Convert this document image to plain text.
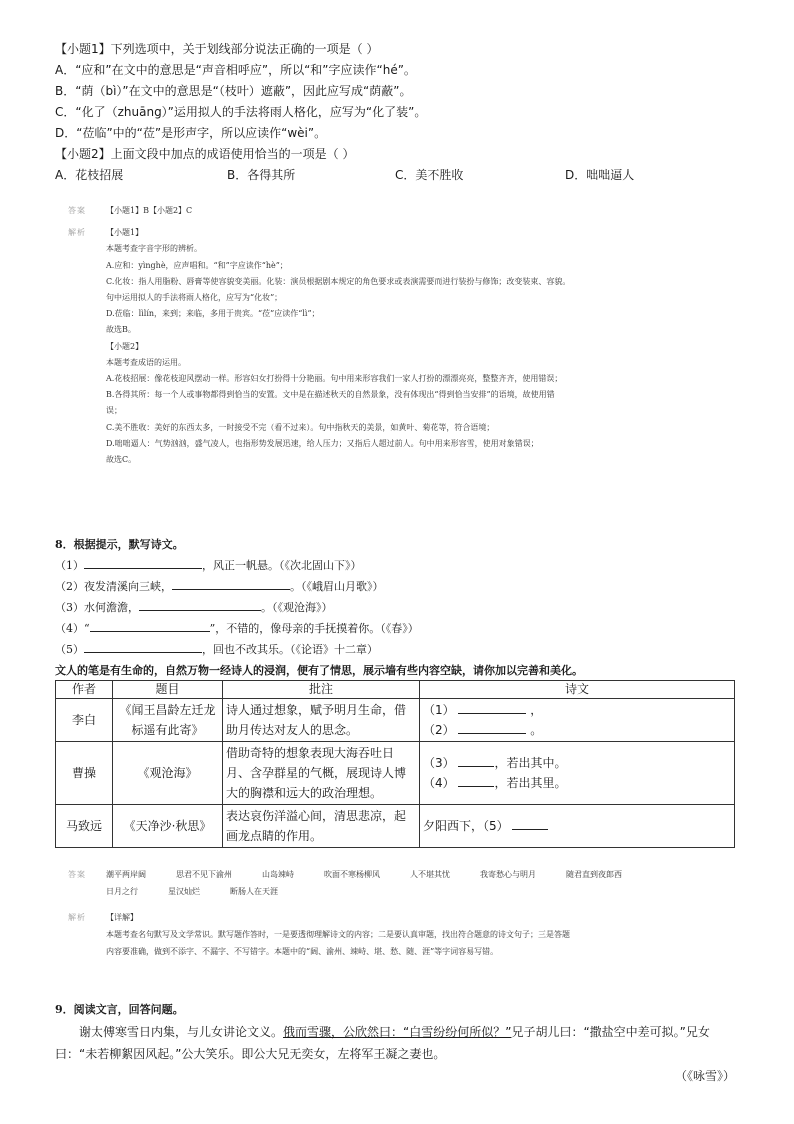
【小题1】下列选项中，关于划线部分说法正确的一项是（ ）
A．“应和”在文中的意思是“声音相呼应”，所以“和”字应读作“hé”。
B．“荫（bì）”在文中的意思是“（枝叶）遮蔽”，因此应写成“荫蔽”。
C．“化了（zhuāng）”运用拟人的手法将雨人格化，应写为“化了装”。
D．“莅临”中的“莅”是形声字，所以应读作“wèi”。
【小题2】上面文段中加点的成语使用恰当的一项是（ ）
A．花枝招展	B．各得其所	C．美不胜收	D．咄咄逼人
答案	【小题1】B【小题2】C
解析	【小题1】
本题考查字音字形的辨析。
A.应和：yìnghè，应声唱和。“和”字应读作“hè”；
C.化妆：指人用脂粉、唇膏等使容貌变美丽。化装：演员根据剧本规定的角色要求或表演需要而进行装扮与修饰；改变装束、容貌。
句中运用拟人的手法将雨人格化，应写为“化妆”；
D.莅临：lìlín，来到；来临，多用于贵宾。“莅”应读作“lì”；
故选B。
【小题2】
本题考查成语的运用。
A.花枝招展：像花枝迎风摆动一样。形容妇女打扮得十分艳丽。句中用来形容我们一家人打扮的漂漂亮亮，整整齐齐，使用错误；
B.各得其所：每一个人或事物都得到恰当的安置。文中是在描述秋天的自然景象，没有体现出“得到恰当安排”的语境，故使用错
误；
C.美不胜收：美好的东西太多，一时接受不完（看不过来）。句中指秋天的美景，如黄叶、菊花等，符合语境；
D.咄咄逼人：气势汹汹，盛气凌人，也指形势发展迅速，给人压力；又指后人超过前人。句中用来形容雪，使用对象错误；
故选C。
8．根据提示，默写诗文。
（1）	，风正一帆悬。（《次北固山下》）
（2）夜发清溪向三峡，	。（《峨眉山月歌》）
（3）水何澹澹，	。（《观沧海》）
（4）“	”，不错的，像母亲的手抚摸着你。（《春》）
（5）	，回也不改其乐。（《论语》十二章）
文人的笔是有生命的，自然万物一经诗人的浸润，便有了情思，展示墙有些内容空缺，请你加以完善和美化。
作者	题目	批注	诗文
李白	《闻王昌龄左迁龙标遥有此寄》	诗人通过想象，赋予明月生命，借助月传达对友人的思念。	（1） ，
（2） 。

曹操	《观沧海》	借助奇特的想象表现大海吞吐日月、含孕群星的气概，展现诗人博大的胸襟和远大的政治理想。	（3） ，若出其中。
（4） ，若出其里。

马致远	《天净沙·秋思》	表达哀伤洋溢心间，清思悲凉，起画龙点睛的作用。	夕阳西下，（5）
答案	潮平两岸阔	思君不见下渝州	山岛竦峙	吹面不寒杨柳风	人不堪其忧	我寄愁心与明月	随君直到夜郎西
日月之行	星汉灿烂	断肠人在天涯
解析	【详解】
本题考查名句默写及文学常识。默写题作答时，一是要透彻理解诗文的内容；二是要认真审题，找出符合题意的诗文句子；三是答题
内容要准确，做到不添字、不漏字、不写错字。本题中的“阔、渝州、竦峙、堪、愁、随、涯”等字词容易写错。
9．阅读文言，回答问题。
谢太傅寒雪日内集，与儿女讲论文义。俄而雪骤，公欣然曰：“白雪纷纷何所似？”兄子胡儿曰：“撒盐空中差可拟。”兄女
曰：“未若柳絮因风起。”公大笑乐。即公大兄无奕女，左将军王凝之妻也。
（《咏雪》）
